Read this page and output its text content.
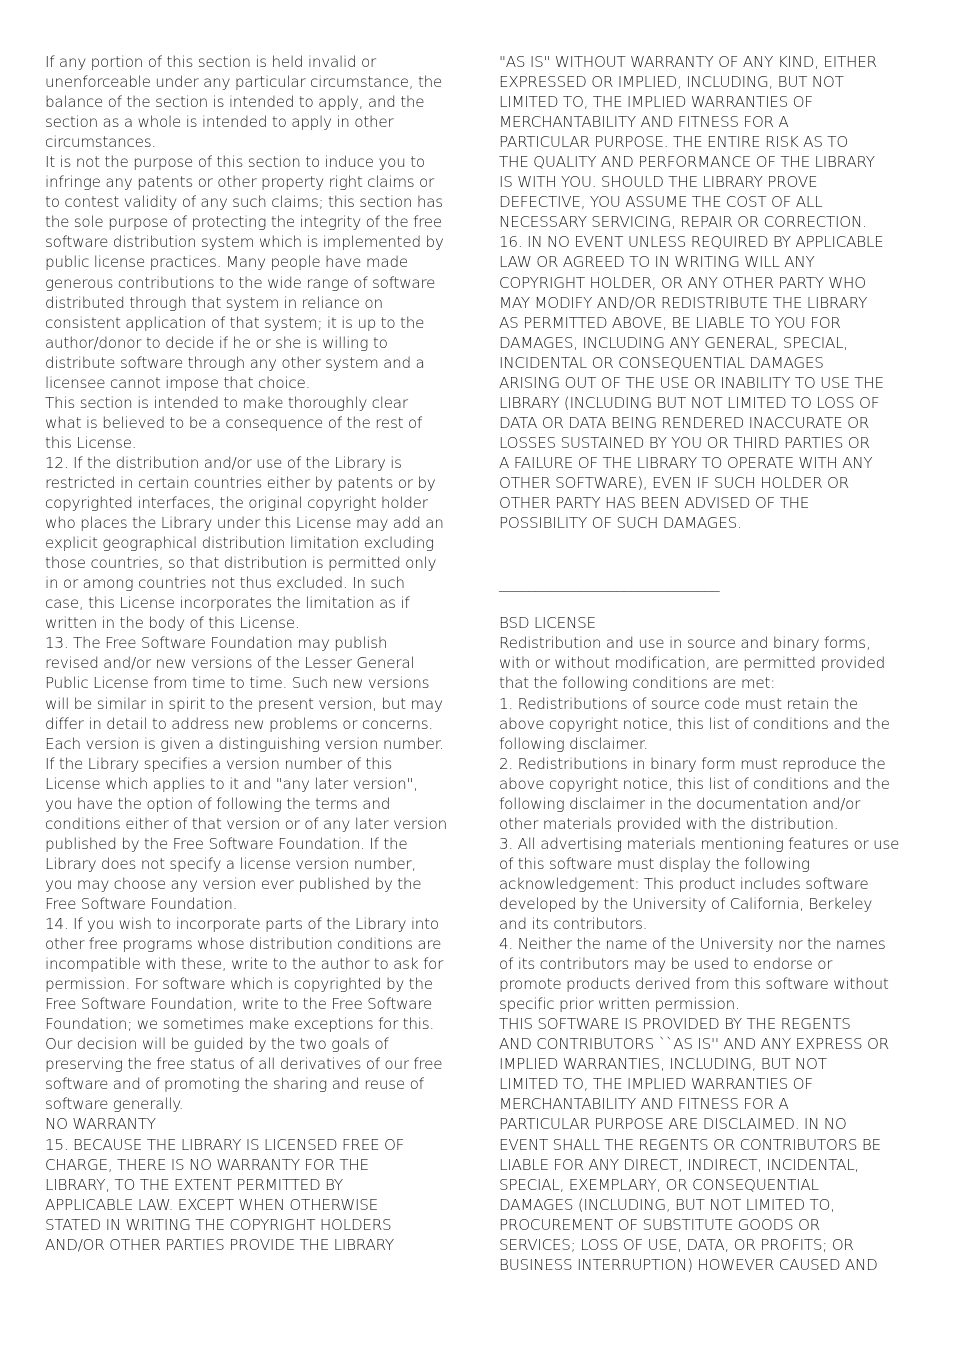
If any portion of this section is held invalid or
unenforceable under any particular circumstance, the
balance of the section is intended to apply, and the
section as a whole is intended to apply in other
circumstances.
It is not the purpose of this section to induce you to
infringe any patents or other property right claims or
to contest validity of any such claims; this section has
the sole purpose of protecting the integrity of the free
software distribution system which is implemented by
public license practices. Many people have made
generous contributions to the wide range of software
distributed through that system in reliance on
consistent application of that system; it is up to the
author/donor to decide if he or she is willing to
distribute software through any other system and a
licensee cannot impose that choice.
This section is intended to make thoroughly clear
what is believed to be a consequence of the rest of
this License.
12. If the distribution and/or use of the Library is
restricted in certain countries either by patents or by
copyrighted interfaces, the original copyright holder
who places the Library under this License may add an
explicit geographical distribution limitation excluding
those countries, so that distribution is permitted only
in or among countries not thus excluded. In such
case, this License incorporates the limitation as if
written in the body of this License.
13. The Free Software Foundation may publish
revised and/or new versions of the Lesser General
Public License from time to time. Such new versions
will be similar in spirit to the present version, but may
differ in detail to address new problems or concerns.
Each version is given a distinguishing version number.
If the Library specifies a version number of this
License which applies to it and "any later version",
you have the option of following the terms and
conditions either of that version or of any later version
published by the Free Software Foundation. If the
Library does not specify a license version number,
you may choose any version ever published by the
Free Software Foundation.
14. If you wish to incorporate parts of the Library into
other free programs whose distribution conditions are
incompatible with these, write to the author to ask for
permission. For software which is copyrighted by the
Free Software Foundation, write to the Free Software
Foundation; we sometimes make exceptions for this.
Our decision will be guided by the two goals of
preserving the free status of all derivatives of our free
software and of promoting the sharing and reuse of
software generally.
NO WARRANTY
15. BECAUSE THE LIBRARY IS LICENSED FREE OF
CHARGE, THERE IS NO WARRANTY FOR THE
LIBRARY, TO THE EXTENT PERMITTED BY
APPLICABLE LAW. EXCEPT WHEN OTHERWISE
STATED IN WRITING THE COPYRIGHT HOLDERS
AND/OR OTHER PARTIES PROVIDE THE LIBRARY
"AS IS" WITHOUT WARRANTY OF ANY KIND, EITHER
EXPRESSED OR IMPLIED, INCLUDING, BUT NOT
LIMITED TO, THE IMPLIED WARRANTIES OF
MERCHANTABILITY AND FITNESS FOR A
PARTICULAR PURPOSE. THE ENTIRE RISK AS TO
THE QUALITY AND PERFORMANCE OF THE LIBRARY
IS WITH YOU. SHOULD THE LIBRARY PROVE
DEFECTIVE, YOU ASSUME THE COST OF ALL
NECESSARY SERVICING, REPAIR OR CORRECTION.
16. IN NO EVENT UNLESS REQUIRED BY APPLICABLE
LAW OR AGREED TO IN WRITING WILL ANY
COPYRIGHT HOLDER, OR ANY OTHER PARTY WHO
MAY MODIFY AND/OR REDISTRIBUTE THE LIBRARY
AS PERMITTED ABOVE, BE LIABLE TO YOU FOR
DAMAGES, INCLUDING ANY GENERAL, SPECIAL,
INCIDENTAL OR CONSEQUENTIAL DAMAGES
ARISING OUT OF THE USE OR INABILITY TO USE THE
LIBRARY (INCLUDING BUT NOT LIMITED TO LOSS OF
DATA OR DATA BEING RENDERED INACCURATE OR
LOSSES SUSTAINED BY YOU OR THIRD PARTIES OR
A FAILURE OF THE LIBRARY TO OPERATE WITH ANY
OTHER SOFTWARE), EVEN IF SUCH HOLDER OR
OTHER PARTY HAS BEEN ADVISED OF THE
POSSIBILITY OF SUCH DAMAGES.
______________________________
BSD LICENSE
Redistribution and use in source and binary forms,
with or without modification, are permitted provided
that the following conditions are met:
1. Redistributions of source code must retain the
above copyright notice, this list of conditions and the
following disclaimer.
2. Redistributions in binary form must reproduce the
above copyright notice, this list of conditions and the
following disclaimer in the documentation and/or
other materials provided with the distribution.
3. All advertising materials mentioning features or use
of this software must display the following
acknowledgement: This product includes software
developed by the University of California, Berkeley
and its contributors.
4. Neither the name of the University nor the names
of its contributors may be used to endorse or
promote products derived from this software without
specific prior written permission.
THIS SOFTWARE IS PROVIDED BY THE REGENTS
AND CONTRIBUTORS ``AS IS'' AND ANY EXPRESS OR
IMPLIED WARRANTIES, INCLUDING, BUT NOT
LIMITED TO, THE IMPLIED WARRANTIES OF
MERCHANTABILITY AND FITNESS FOR A
PARTICULAR PURPOSE ARE DISCLAIMED. IN NO
EVENT SHALL THE REGENTS OR CONTRIBUTORS BE
LIABLE FOR ANY DIRECT, INDIRECT, INCIDENTAL,
SPECIAL, EXEMPLARY, OR CONSEQUENTIAL
DAMAGES (INCLUDING, BUT NOT LIMITED TO,
PROCUREMENT OF SUBSTITUTE GOODS OR
SERVICES; LOSS OF USE, DATA, OR PROFITS; OR
BUSINESS INTERRUPTION) HOWEVER CAUSED AND
